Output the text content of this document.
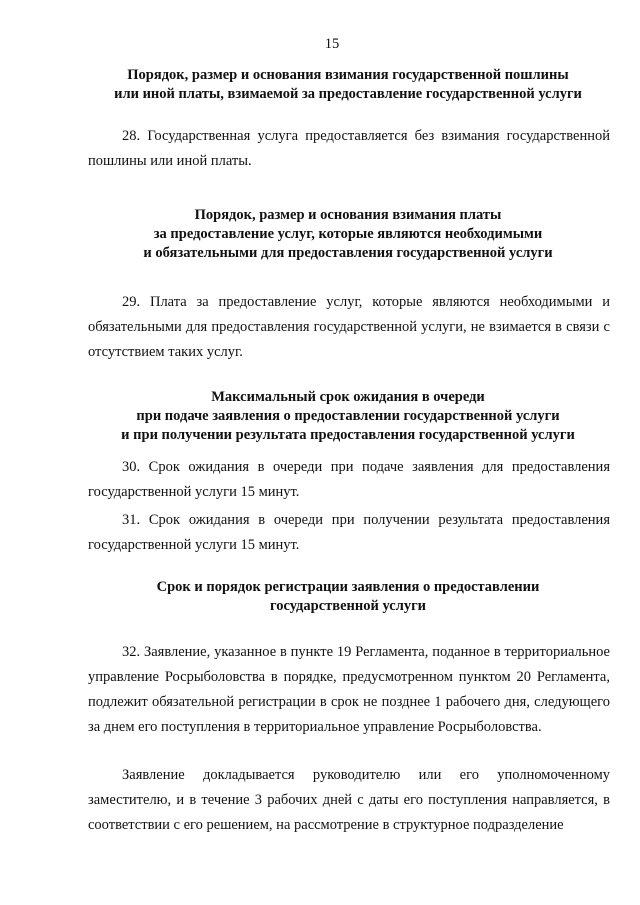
15
Порядок, размер и основания взимания государственной пошлины
или иной платы, взимаемой за предоставление государственной услуги
28. Государственная услуга предоставляется без взимания государственной пошлины или иной платы.
Порядок, размер и основания взимания платы
за предоставление услуг, которые являются необходимыми
и обязательными для предоставления государственной услуги
29. Плата за предоставление услуг, которые являются необходимыми и обязательными для предоставления государственной услуги, не взимается в связи с отсутствием таких услуг.
Максимальный срок ожидания в очереди
при подаче заявления о предоставлении государственной услуги
и при получении результата предоставления государственной услуги
30. Срок ожидания в очереди при подаче заявления для предоставления государственной услуги 15 минут.
31. Срок ожидания в очереди при получении результата предоставления государственной услуги 15 минут.
Срок и порядок регистрации заявления о предоставлении
государственной услуги
32. Заявление, указанное в пункте 19 Регламента, поданное в территориальное управление Росрыболовства в порядке, предусмотренном пунктом 20 Регламента, подлежит обязательной регистрации в срок не позднее 1 рабочего дня, следующего за днем его поступления в территориальное управление Росрыболовства.
Заявление докладывается руководителю или его уполномоченному заместителю, и в течение 3 рабочих дней с даты его поступления направляется, в соответствии с его решением, на рассмотрение в структурное подразделение
